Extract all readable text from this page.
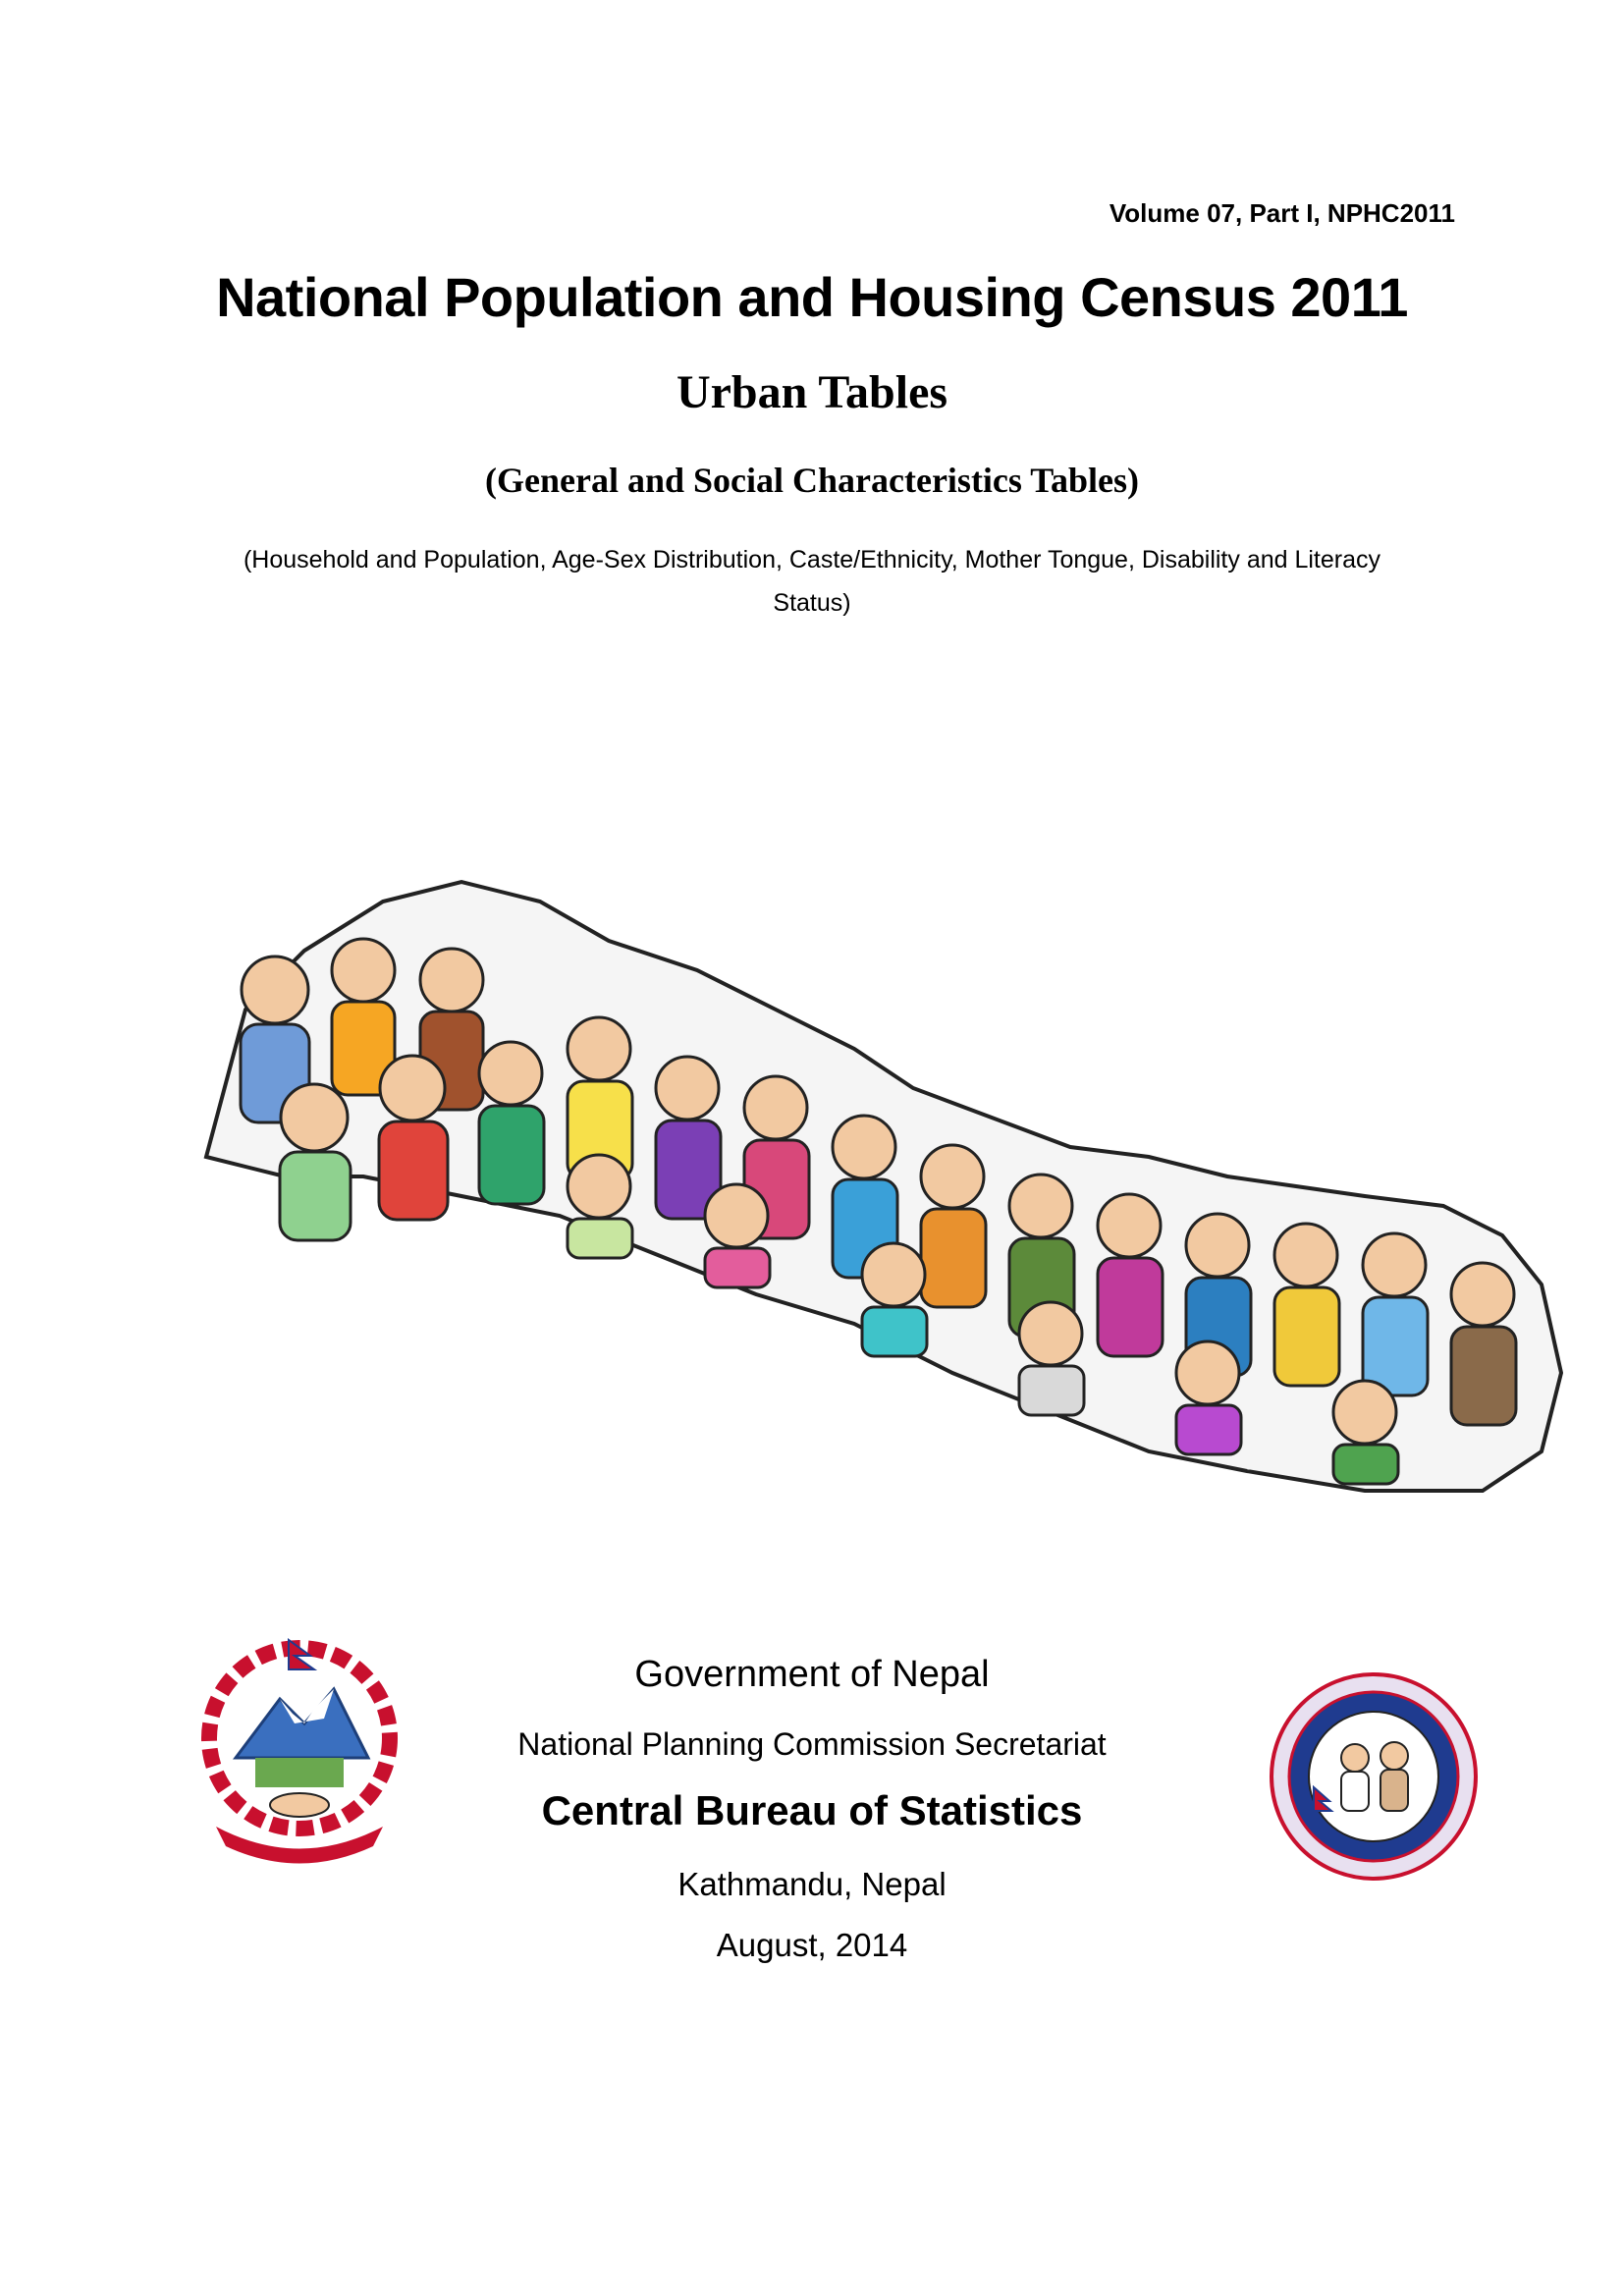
Volume 07, Part I, NPHC2011
National Population and Housing Census 2011
Urban Tables
(General and Social Characteristics Tables)
(Household and Population, Age-Sex Distribution, Caste/Ethnicity, Mother Tongue, Disability and Literacy Status)
Government of Nepal
National Planning Commission Secretariat
Central Bureau of Statistics
Kathmandu, Nepal
August, 2014
